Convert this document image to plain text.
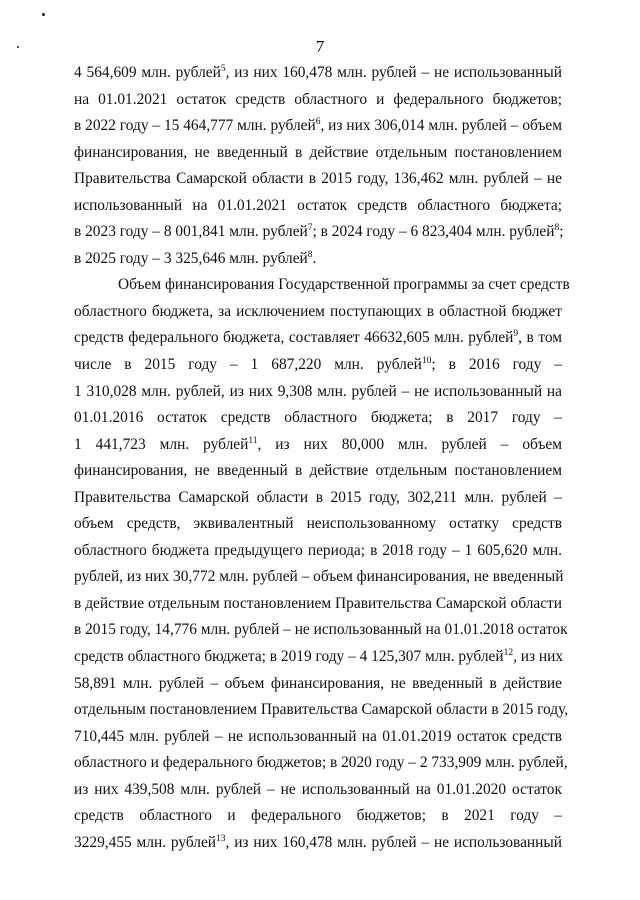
7
4 564,609 млн. рублей$^5$, из них 160,478 млн. рублей – не использованный
на 01.01.2021 остаток средств областного и федерального бюджетов;
в 2022 году – 15 464,777 млн. рублей$^6$, из них 306,014 млн. рублей – объем
финансирования, не введенный в действие отдельным постановлением
Правительства Самарской области в 2015 году, 136,462 млн. рублей – не
использованный на 01.01.2021 остаток средств областного бюджета;
в 2023 году – 8 001,841 млн. рублей$^7$; в 2024 году – 6 823,404 млн. рублей$^8$;
в 2025 году – 3 325,646 млн. рублей$^8$.
Объем финансирования Государственной программы за счет средств
областного бюджета, за исключением поступающих в областной бюджет
средств федерального бюджета, составляет 46632,605 млн. рублей$^9$, в том
числе в 2015 году – 1 687,220 млн. рублей$^{10}$; в 2016 году –
1 310,028 млн. рублей, из них 9,308 млн. рублей – не использованный на
01.01.2016 остаток средств областного бюджета; в 2017 году –
1 441,723 млн. рублей$^{11}$, из них 80,000 млн. рублей – объем
финансирования, не введенный в действие отдельным постановлением
Правительства Самарской области в 2015 году, 302,211 млн. рублей –
объем средств, эквивалентный неиспользованному остатку средств
областного бюджета предыдущего периода; в 2018 году – 1 605,620 млн.
рублей, из них 30,772 млн. рублей – объем финансирования, не введенный
в действие отдельным постановлением Правительства Самарской области
в 2015 году, 14,776 млн. рублей – не использованный на 01.01.2018 остаток
средств областного бюджета; в 2019 году – 4 125,307 млн. рублей$^{12}$, из них
58,891 млн. рублей – объем финансирования, не введенный в действие
отдельным постановлением Правительства Самарской области в 2015 году,
710,445 млн. рублей – не использованный на 01.01.2019 остаток средств
областного и федерального бюджетов; в 2020 году – 2 733,909 млн. рублей,
из них 439,508 млн. рублей – не использованный на 01.01.2020 остаток
средств областного и федерального бюджетов; в 2021 году –
3229,455 млн. рублей$^{13}$, из них 160,478 млн. рублей – не использованный
